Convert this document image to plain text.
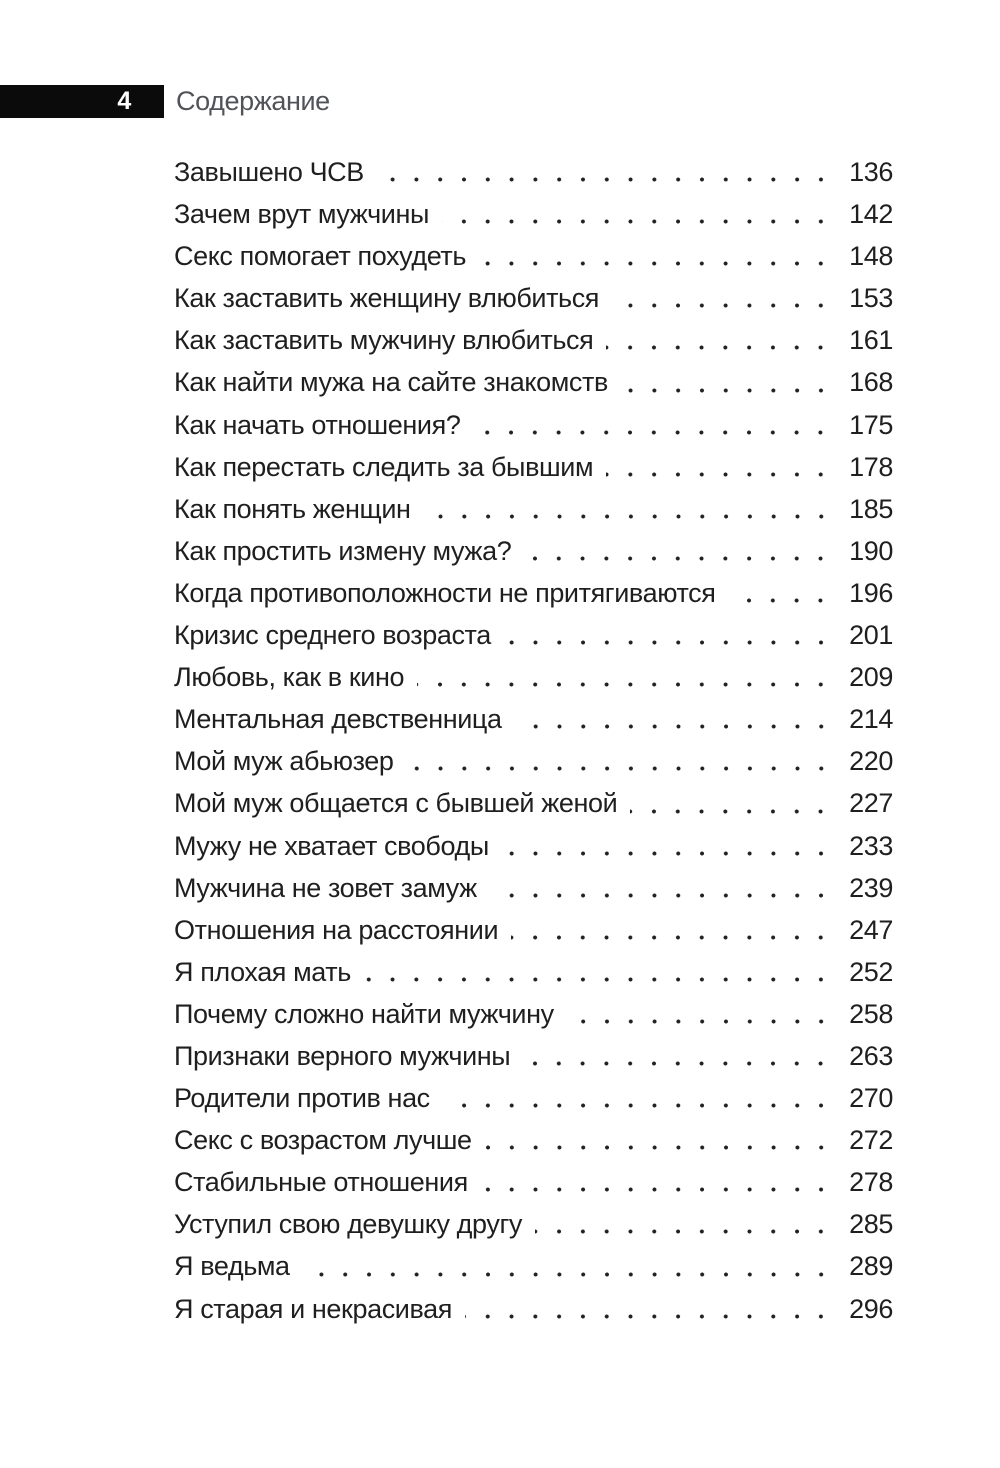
4 Содержание
Завышено ЧСВ	136
Зачем врут мужчины	142
Секс помогает похудеть	148
Как заставить женщину влюбиться	153
Как заставить мужчину влюбиться	161
Как найти мужа на сайте знакомств	168
Как начать отношения?	175
Как перестать следить за бывшим	178
Как понять женщин	185
Как простить измену мужа?	190
Когда противоположности не притягиваются	196
Кризис среднего возраста	201
Любовь, как в кино	209
Ментальная девственница	214
Мой муж абьюзер	220
Мой муж общается с бывшей женой	227
Мужу не хватает свободы	233
Мужчина не зовет замуж	239
Отношения на расстоянии	247
Я плохая мать	252
Почему сложно найти мужчину	258
Признаки верного мужчины	263
Родители против нас	270
Секс с возрастом лучше	272
Стабильные отношения	278
Уступил свою девушку другу	285
Я ведьма	289
Я старая и некрасивая	296
